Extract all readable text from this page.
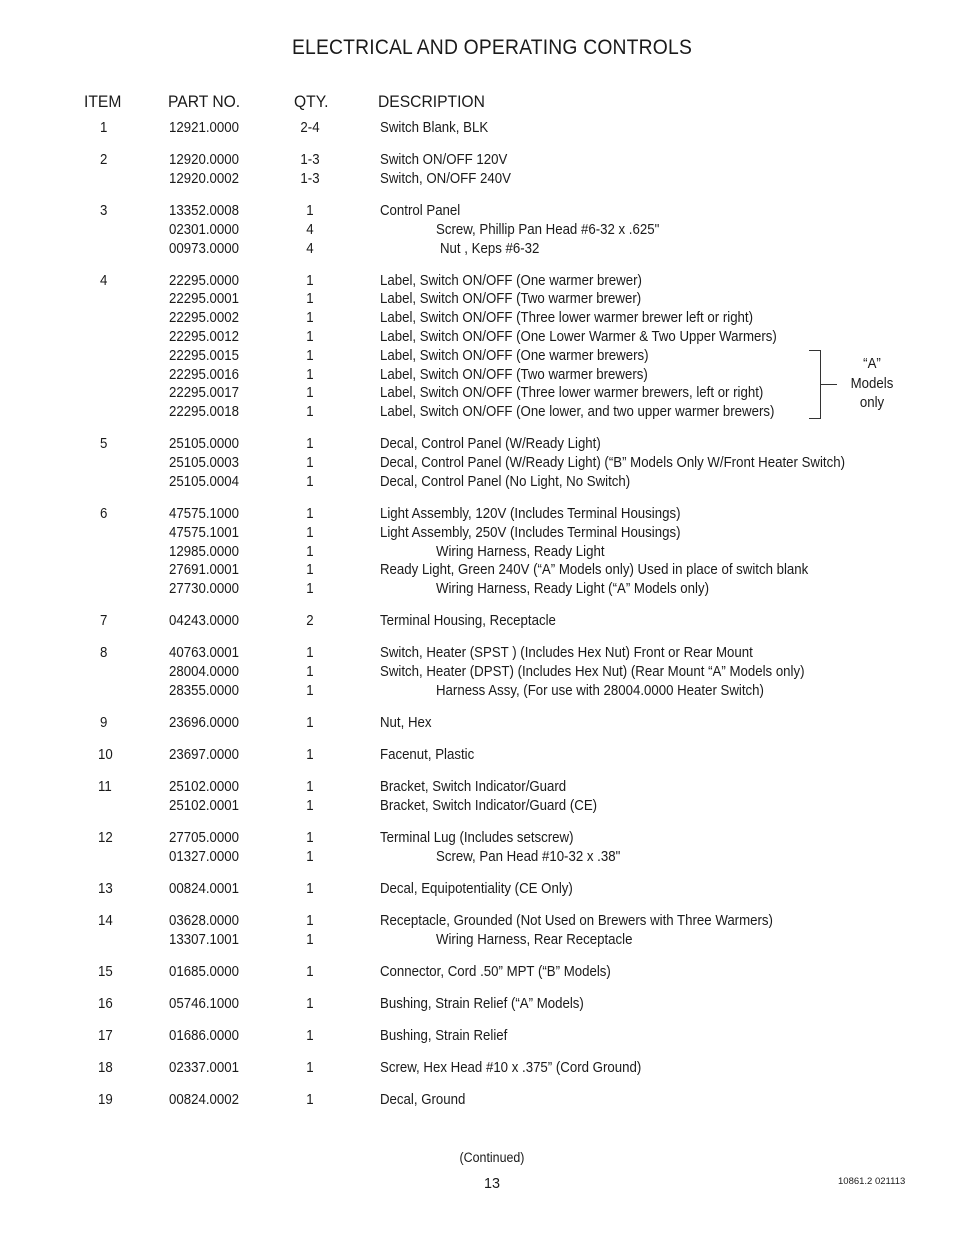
ELECTRICAL AND OPERATING CONTROLS
ITEM	PART NO.	QTY.	DESCRIPTION
1	12921.0000	2-4	Switch Blank, BLK
2	12920.0000	1-3	Switch ON/OFF 120V
12920.0002	1-3	Switch, ON/OFF 240V
3	13352.0008	1	Control Panel
02301.0000	4	Screw, Phillip Pan Head #6-32 x .625"
00973.0000	4	Nut , Keps #6-32
4	22295.0000	1	Label, Switch ON/OFF (One warmer brewer)
22295.0001	1	Label, Switch ON/OFF (Two warmer brewer)
22295.0002	1	Label, Switch ON/OFF (Three lower warmer brewer left or right)
22295.0012	1	Label, Switch ON/OFF (One Lower Warmer & Two Upper Warmers)
22295.0015	1	Label, Switch ON/OFF (One warmer brewers)
22295.0016	1	Label, Switch ON/OFF (Two warmer brewers)
22295.0017	1	Label, Switch ON/OFF (Three lower warmer brewers, left or right)
22295.0018	1	Label, Switch ON/OFF (One lower, and two upper warmer brewers)
5	25105.0000	1	Decal, Control Panel (W/Ready Light)
25105.0003	1	Decal, Control Panel (W/Ready Light) (“B” Models Only W/Front Heater Switch)
25105.0004	1	Decal, Control Panel (No Light, No Switch)
6	47575.1000	1	Light Assembly, 120V (Includes Terminal Housings)
47575.1001	1	Light Assembly, 250V (Includes Terminal Housings)
12985.0000	1	Wiring Harness, Ready Light
27691.0001	1	Ready Light, Green 240V (“A” Models only) Used in place of switch blank
27730.0000	1	Wiring Harness, Ready Light (“A” Models only)
7	04243.0000	2	Terminal Housing, Receptacle
8	40763.0001	1	Switch, Heater (SPST ) (Includes Hex Nut) Front or Rear Mount
28004.0000	1	Switch, Heater (DPST) (Includes Hex Nut) (Rear Mount “A” Models only)
28355.0000	1	Harness Assy, (For use with 28004.0000 Heater Switch)
9	23696.0000	1	Nut, Hex
10	23697.0000	1	Facenut, Plastic
11	25102.0000	1	Bracket, Switch Indicator/Guard
25102.0001	1	Bracket, Switch Indicator/Guard (CE)
12	27705.0000	1	Terminal Lug (Includes setscrew)
01327.0000	1	Screw, Pan Head #10-32 x .38"
13	00824.0001	1	Decal, Equipotentiality (CE Only)
14	03628.0000	1	Receptacle, Grounded (Not Used on Brewers with Three Warmers)
13307.1001	1	Wiring Harness, Rear Receptacle
15	01685.0000	1	Connector, Cord .50” MPT (“B” Models)
16	05746.1000	1	Bushing, Strain Relief (“A” Models)
17	01686.0000	1	Bushing, Strain Relief
18	02337.0001	1	Screw, Hex Head #10 x .375” (Cord Ground)
19	00824.0002	1	Decal, Ground
“A”
Models
only
(Continued)
13	10861.2 021113
